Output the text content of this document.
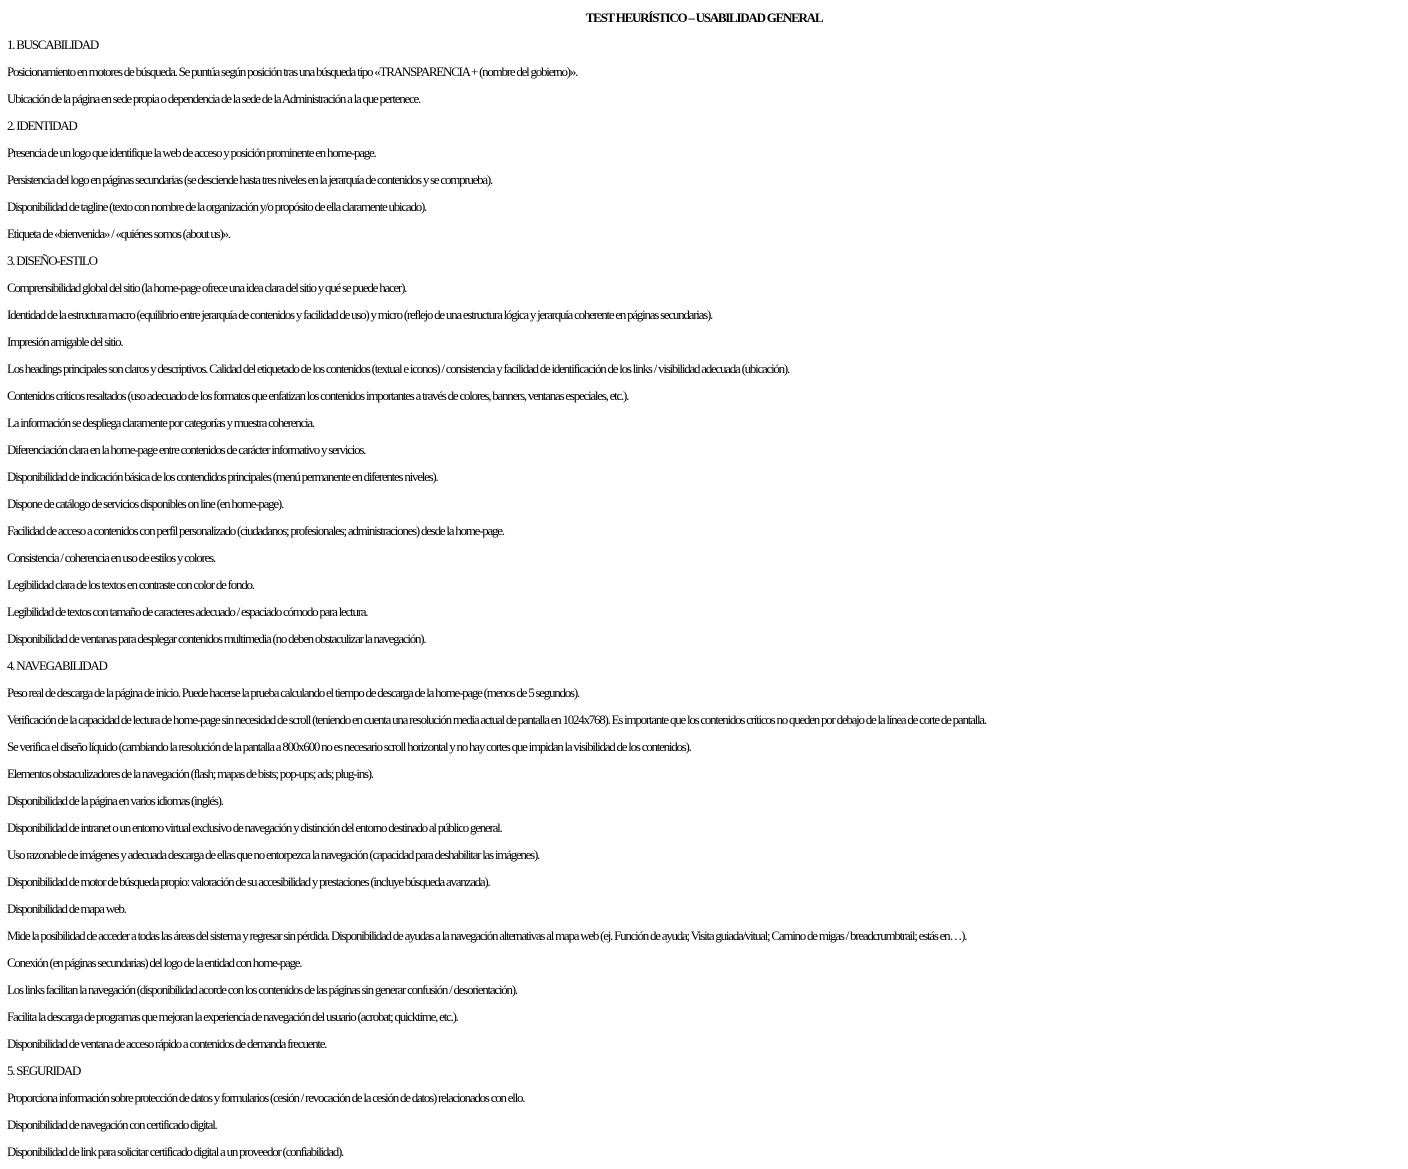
TEST HEURÍSTICO – USABILIDAD GENERAL
1. BUSCABILIDAD
Posicionamiento en motores de búsqueda. Se puntúa según posición tras una búsqueda tipo «TRANSPARENCIA + (nombre del gobierno)».
Ubicación de la página en sede propia o dependencia de la sede de la Administración a la que pertenece.
2. IDENTIDAD
Presencia de un logo que identifique la web de acceso y posición prominente en home-page.
Persistencia del logo en páginas secundarias (se desciende hasta tres niveles en la jerarquía de contenidos y se comprueba).
Disponibilidad de tagline (texto con nombre de la organización y/o propósito de ella claramente ubicado).
Etiqueta de «bienvenida» / «quiénes somos (about us)».
3. DISEÑO-ESTILO
Comprensibilidad global del sitio (la home-page ofrece una idea clara del sitio y qué se puede hacer).
Identidad de la estructura macro (equilibrio entre jerarquía de contenidos y facilidad de uso) y micro (reflejo de una estructura lógica y jerarquía coherente en páginas secundarias).
Impresión amigable del sitio.
Los headings principales son claros y descriptivos. Calidad del etiquetado de los contenidos (textual e iconos) / consistencia y facilidad de identificación de los links / visibilidad adecuada (ubicación).
Contenidos críticos resaltados (uso adecuado de los formatos que enfatizan los contenidos importantes a través de colores, banners, ventanas especiales, etc.).
La información se despliega claramente por categorías y muestra coherencia.
Diferenciación clara en la home-page entre contenidos de carácter informativo y servicios.
Disponibilidad de indicación básica de los contendidos principales (menú permanente en diferentes niveles).
Dispone de catálogo de servicios disponibles on line (en home-page).
Facilidad de acceso a contenidos con perfil personalizado (ciudadanos; profesionales; administraciones) desde la home-page.
Consistencia / coherencia en uso de estilos y colores.
Legibilidad clara de los textos en contraste con color de fondo.
Legibilidad de textos con tamaño de caracteres adecuado / espaciado cómodo para lectura.
Disponibilidad de ventanas para desplegar contenidos multimedia (no deben obstaculizar la navegación).
4. NAVEGABILIDAD
Peso real de descarga de la página de inicio. Puede hacerse la prueba calculando el tiempo de descarga de la home-page (menos de 5 segundos).
Verificación de la capacidad de lectura de home-page sin necesidad de scroll (teniendo en cuenta una resolución media actual de pantalla en 1024x768). Es importante que los contenidos críticos no queden por debajo de la línea de corte de pantalla.
Se verifica el diseño líquido (cambiando la resolución de la pantalla a 800x600 no es necesario scroll horizontal y no hay cortes que impidan la visibilidad de los contenidos).
Elementos obstaculizadores de la navegación (flash; mapas de bists; pop-ups; ads; plug-ins).
Disponibilidad de la página en varios idiomas (inglés).
Disponibilidad de intranet o un entorno virtual exclusivo de navegación y distinción del entorno destinado al público general.
Uso razonable de imágenes y adecuada descarga de ellas que no entorpezca la navegación (capacidad para deshabilitar las imágenes).
Disponibilidad de motor de búsqueda propio: valoración de su accesibilidad y prestaciones (incluye búsqueda avanzada).
Disponibilidad de mapa web.
Mide la posibilidad de acceder a todas las áreas del sistema y regresar sin pérdida. Disponibilidad de ayudas a la navegación alternativas al mapa web (ej. Función de ayuda; Visita guiada/vitual; Camino de migas / breadcrumbtrail; estás en…).
Conexión (en páginas secundarias) del logo de la entidad con home-page.
Los links facilitan la navegación (disponibilidad acorde con los contenidos de las páginas sin generar confusión / desorientación).
Facilita la descarga de programas que mejoran la experiencia de navegación del usuario (acrobat; quicktime, etc.).
Disponibilidad de ventana de acceso rápido a contenidos de demanda frecuente.
5. SEGURIDAD
Proporciona información sobre protección de datos y formularios (cesión / revocación de la cesión de datos) relacionados con ello.
Disponibilidad de navegación con certificado digital.
Disponibilidad de link para solicitar certificado digital a un proveedor (confiabilidad).
